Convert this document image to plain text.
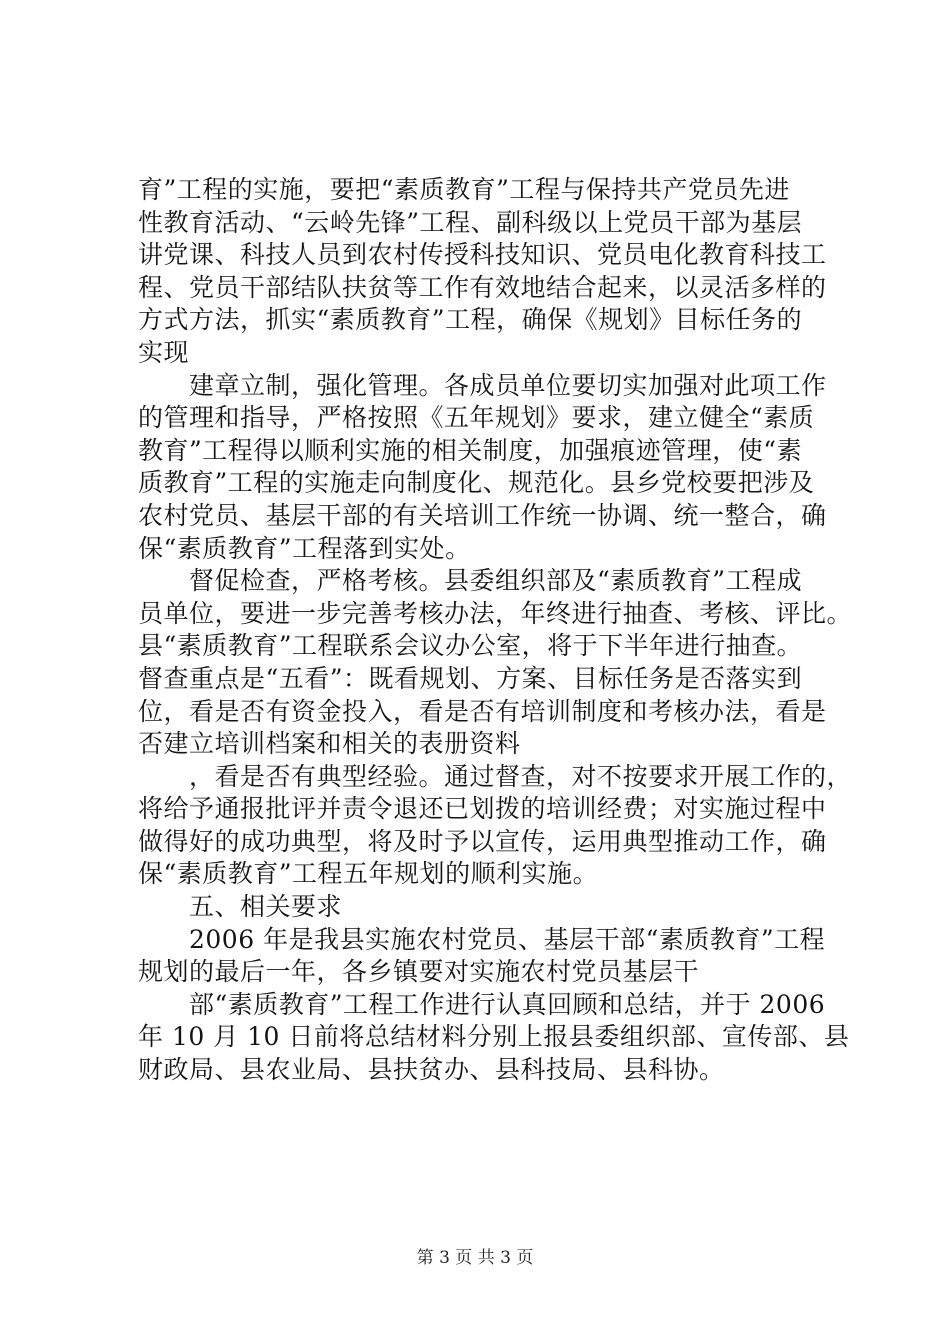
育”工程的实施，要把“素质教育”工程与保持共产党员先进

性教育活动、“云岭先锋”工程、副科级以上党员干部为基层

讲党课、科技人员到农村传授科技知识、党员电化教育科技工

程、党员干部结队扶贫等工作有效地结合起来，以灵活多样的

方式方法，抓实“素质教育”工程，确保《规划》目标任务的

实现

　　建章立制，强化管理。各成员单位要切实加强对此项工作

的管理和指导，严格按照《五年规划》要求，建立健全“素质

教育”工程得以顺利实施的相关制度，加强痕迹管理，使“素

质教育”工程的实施走向制度化、规范化。县乡党校要把涉及

农村党员、基层干部的有关培训工作统一协调、统一整合，确

保“素质教育”工程落到实处。

　　督促检查，严格考核。县委组织部及“素质教育”工程成

员单位，要进一步完善考核办法，年终进行抽查、考核、评比。

县“素质教育”工程联系会议办公室，将于下半年进行抽查。

督查重点是“五看”：既看规划、方案、目标任务是否落实到

位，看是否有资金投入，看是否有培训制度和考核办法，看是

否建立培训档案和相关的表册资料

　　，看是否有典型经验。通过督查，对不按要求开展工作的，

将给予通报批评并责令退还已划拨的培训经费；对实施过程中

做得好的成功典型，将及时予以宣传，运用典型推动工作，确

保“素质教育”工程五年规划的顺利实施。

　　五、相关要求

　　2006 年是我县实施农村党员、基层干部“素质教育”工程

规划的最后一年，各乡镇要对实施农村党员基层干

　　部“素质教育”工程工作进行认真回顾和总结，并于 2006

年 10 月 10 日前将总结材料分别上报县委组织部、宣传部、县

财政局、县农业局、县扶贫办、县科技局、县科协。

第 3 页 共 3 页
